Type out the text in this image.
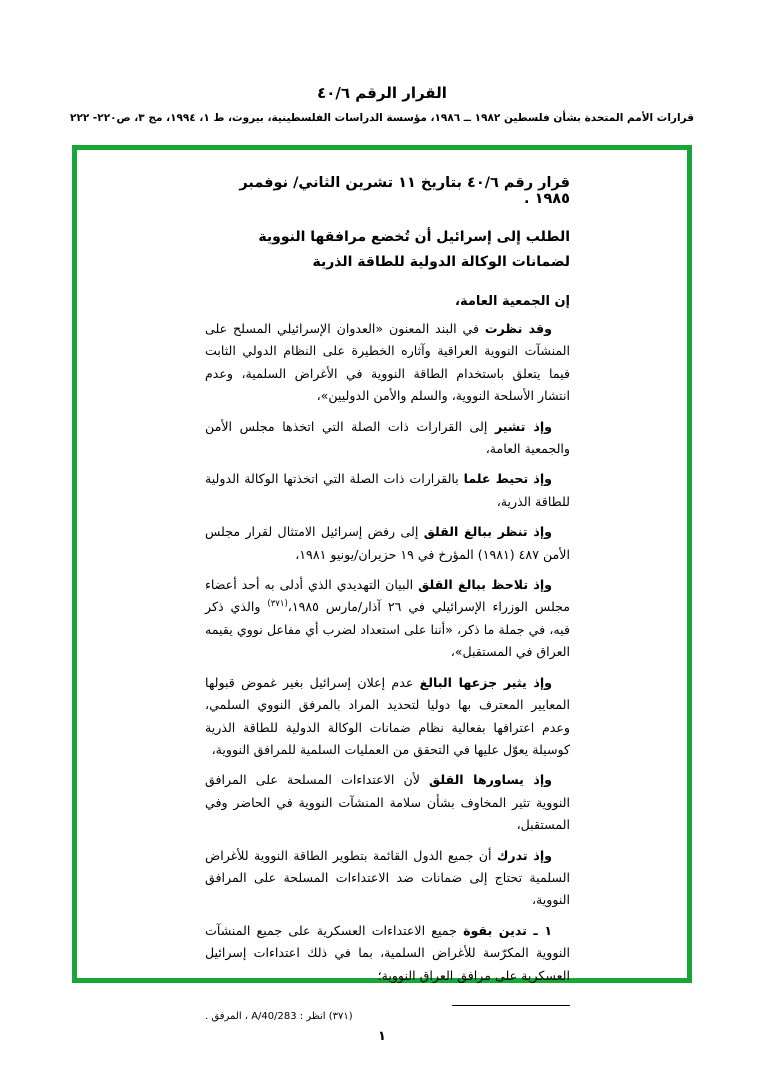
القرار الرقم ٤٠/٦
قرارات الأمم المتحدة بشأن فلسطين ١٩٨٢ ــ ١٩٨٦، مؤسسة الدراسات الفلسطينية، بيروت، ط ١، ١٩٩٤، مج ٣، ص٢٢٠- ٢٢٢
قرار رقم ٤٠/٦ بتاريخ ١١ تشرين الثاني/ نوفمبر ١٩٨٥ .
الطلب إلى إسرائيل أن تُخضع مرافقها النووية
لضمانات الوكالة الدولية للطاقة الذرية
إن الجمعية العامة،

وقد نظرت في البند المعنون «العدوان الإسرائيلي المسلح على المنشآت النووية العراقية وآثاره الخطيرة على النظام الدولي الثابت فيما يتعلق باستخدام الطاقة النووية في الأغراض السلمية، وعدم انتشار الأسلحة النووية، والسلم والأمن الدوليين»،

وإذ تشير إلى القرارات ذات الصلة التي اتخذها مجلس الأمن والجمعية العامة،

وإذ تحيط علما بالقرارات ذات الصلة التي اتخذتها الوكالة الدولية للطاقة الذرية،

وإذ تنظر ببالغ القلق إلى رفض إسرائيل الامتثال لقرار مجلس الأمن ٤٨٧ (١٩٨١) المؤرخ في ١٩ حزيران/يونيو ١٩٨١،

وإذ تلاحظ ببالغ القلق البيان التهديدي الذي أدلى به أحد أعضاء مجلس الوزراء الإسرائيلي في ٢٦ آذار/مارس ١٩٨٥،$^{(٣٧١)}$ والذي ذكر فيه، في جملة ما ذكر، «أننا على استعداد لضرب أي مفاعل نووي يقيمه العراق في المستقبل»،

وإذ يثير جزعها البالغ عدم إعلان إسرائيل بغير غموض قبولها المعايير المعترف بها دوليا لتحديد المراد بالمرفق النووي السلمي، وعدم اعترافها بفعالية نظام ضمانات الوكالة الدولية للطاقة الذرية كوسيلة يعوّل عليها في التحقق من العمليات السلمية للمرافق النووية،

وإذ يساورها القلق لأن الاعتداءات المسلحة على المرافق النووية تثير المخاوف بشأن سلامة المنشآت النووية في الحاضر وفي المستقبل،

وإذ تدرك أن جميع الدول القائمة بتطوير الطاقة النووية للأغراض السلمية تحتاج إلى ضمانات ضد الاعتداءات المسلحة على المرافق النووية،

١ ـ تدين بقوة جميع الاعتداءات العسكرية على جميع المنشآت النووية المكرّسة للأغراض السلمية، بما في ذلك اعتداءات إسرائيل العسكرية على مرافق العراق النووية؛

(٣٧١) انظر : A/40/283 ، المرفق .
١
